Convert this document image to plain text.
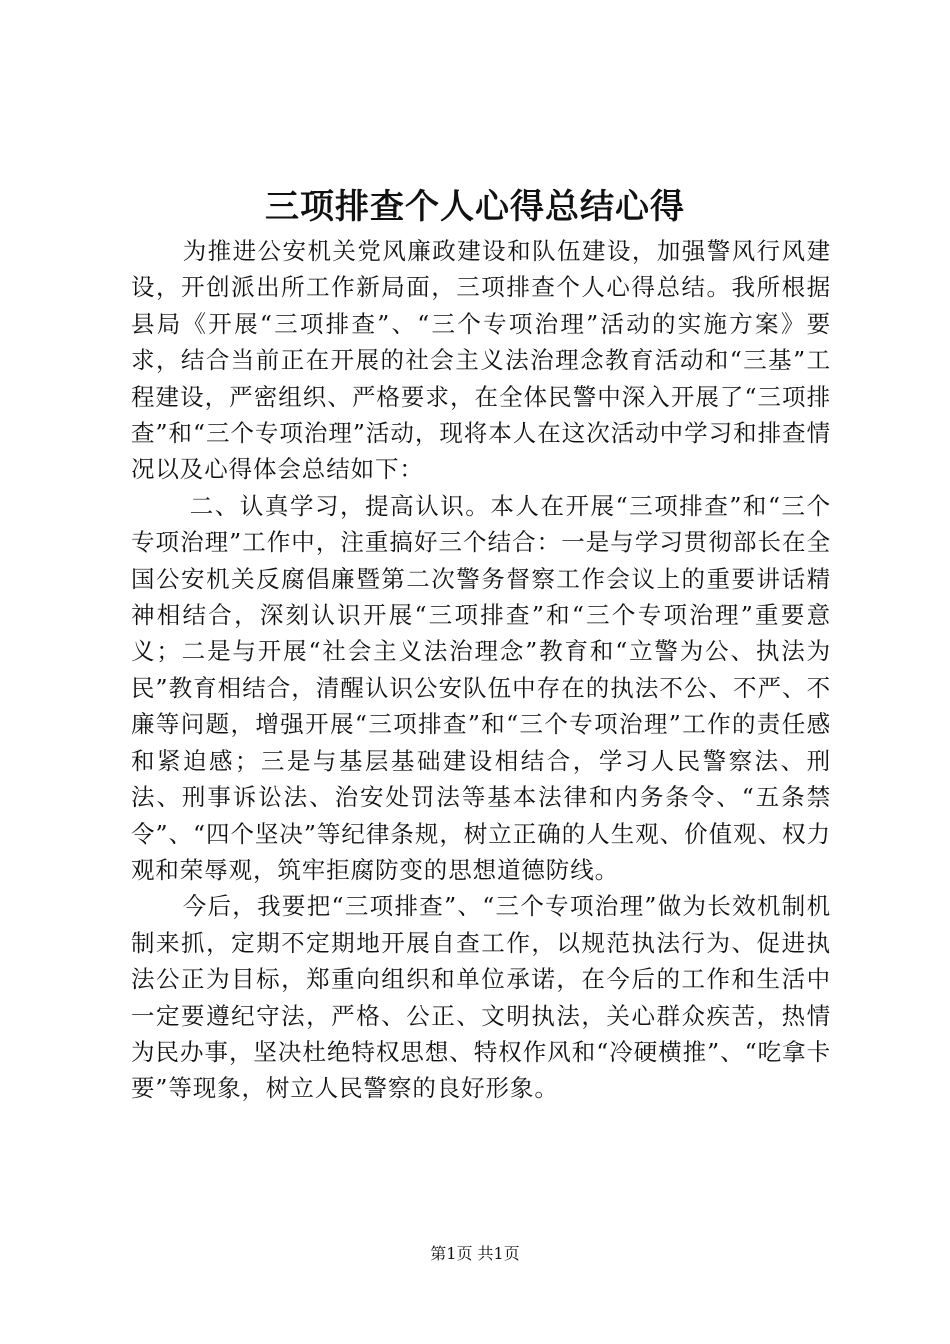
三项排查个人心得总结心得

为推进公安机关党风廉政建设和队伍建设，加强警风行风建设，开创派出所工作新局面，三项排查个人心得总结。我所根据县局《开展“三项排查”、“三个专项治理”活动的实施方案》要求，结合当前正在开展的社会主义法治理念教育活动和“三基”工程建设，严密组织、严格要求，在全体民警中深入开展了“三项排查”和“三个专项治理”活动，现将本人在这次活动中学习和排查情况以及心得体会总结如下：

二、认真学习，提高认识。本人在开展“三项排查”和“三个专项治理”工作中，注重搞好三个结合：一是与学习贯彻部长在全国公安机关反腐倡廉暨第二次警务督察工作会议上的重要讲话精神相结合，深刻认识开展“三项排查”和“三个专项治理”重要意义；二是与开展“社会主义法治理念”教育和“立警为公、执法为民”教育相结合，清醒认识公安队伍中存在的执法不公、不严、不廉等问题，增强开展“三项排查”和“三个专项治理”工作的责任感和紧迫感；三是与基层基础建设相结合，学习人民警察法、刑法、刑事诉讼法、治安处罚法等基本法律和内务条令、“五条禁令”、“四个坚决”等纪律条规，树立正确的人生观、价值观、权力观和荣辱观，筑牢拒腐防变的思想道德防线。

今后，我要把“三项排查”、“三个专项治理”做为长效机制机制来抓，定期不定期地开展自查工作，以规范执法行为、促进执法公正为目标，郑重向组织和单位承诺，在今后的工作和生活中一定要遵纪守法，严格、公正、文明执法，关心群众疾苦，热情为民办事，坚决杜绝特权思想、特权作风和“冷硬横推”、“吃拿卡要”等现象，树立人民警察的良好形象。

第1页 共1页
